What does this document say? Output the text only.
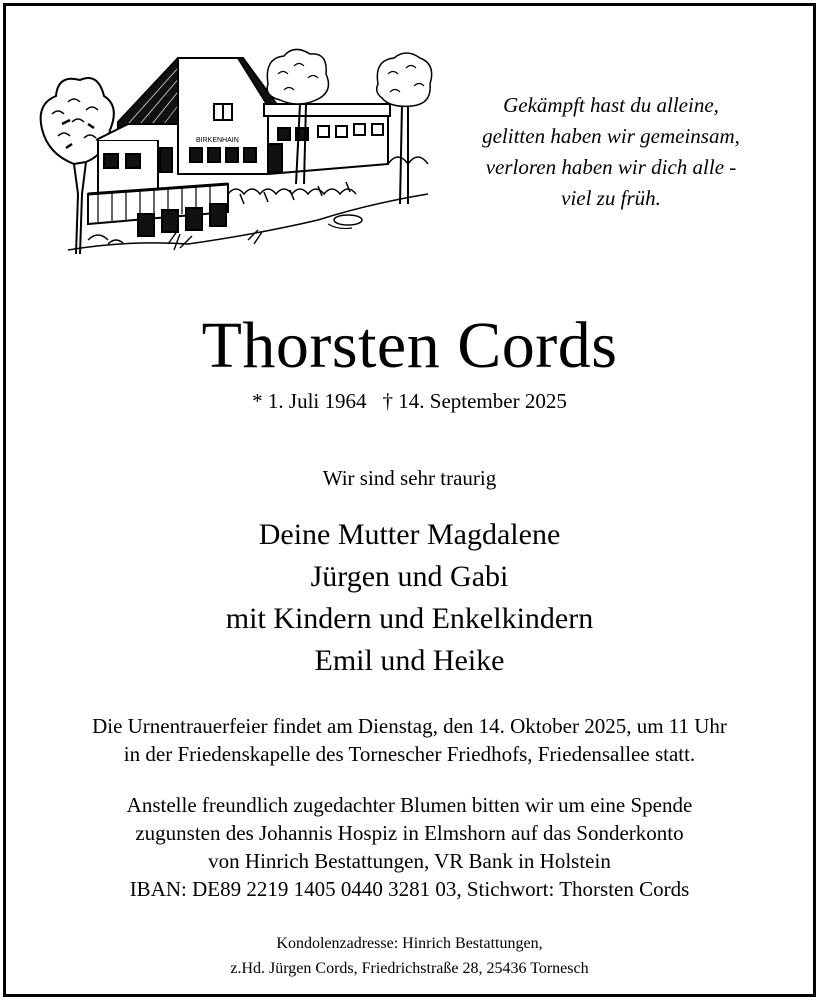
BIRKENHAIN
Gekämpft hast du alleine,
gelitten haben wir gemeinsam,
verloren haben wir dich alle -
viel zu früh.
Thorsten Cords
* 1. Juli 1964 † 14. September 2025
Wir sind sehr traurig
Deine Mutter Magdalene
Jürgen und Gabi
mit Kindern und Enkelkindern
Emil und Heike
Die Urnentrauerfeier findet am Dienstag, den 14. Oktober 2025, um 11 Uhr
in der Friedenskapelle des Tornescher Friedhofs, Friedensallee statt.
Anstelle freundlich zugedachter Blumen bitten wir um eine Spende
zugunsten des Johannis Hospiz in Elmshorn auf das Sonderkonto
von Hinrich Bestattungen, VR Bank in Holstein
IBAN: DE89 2219 1405 0440 3281 03, Stichwort: Thorsten Cords
Kondolenzadresse: Hinrich Bestattungen,
z.Hd. Jürgen Cords, Friedrichstraße 28, 25436 Tornesch
